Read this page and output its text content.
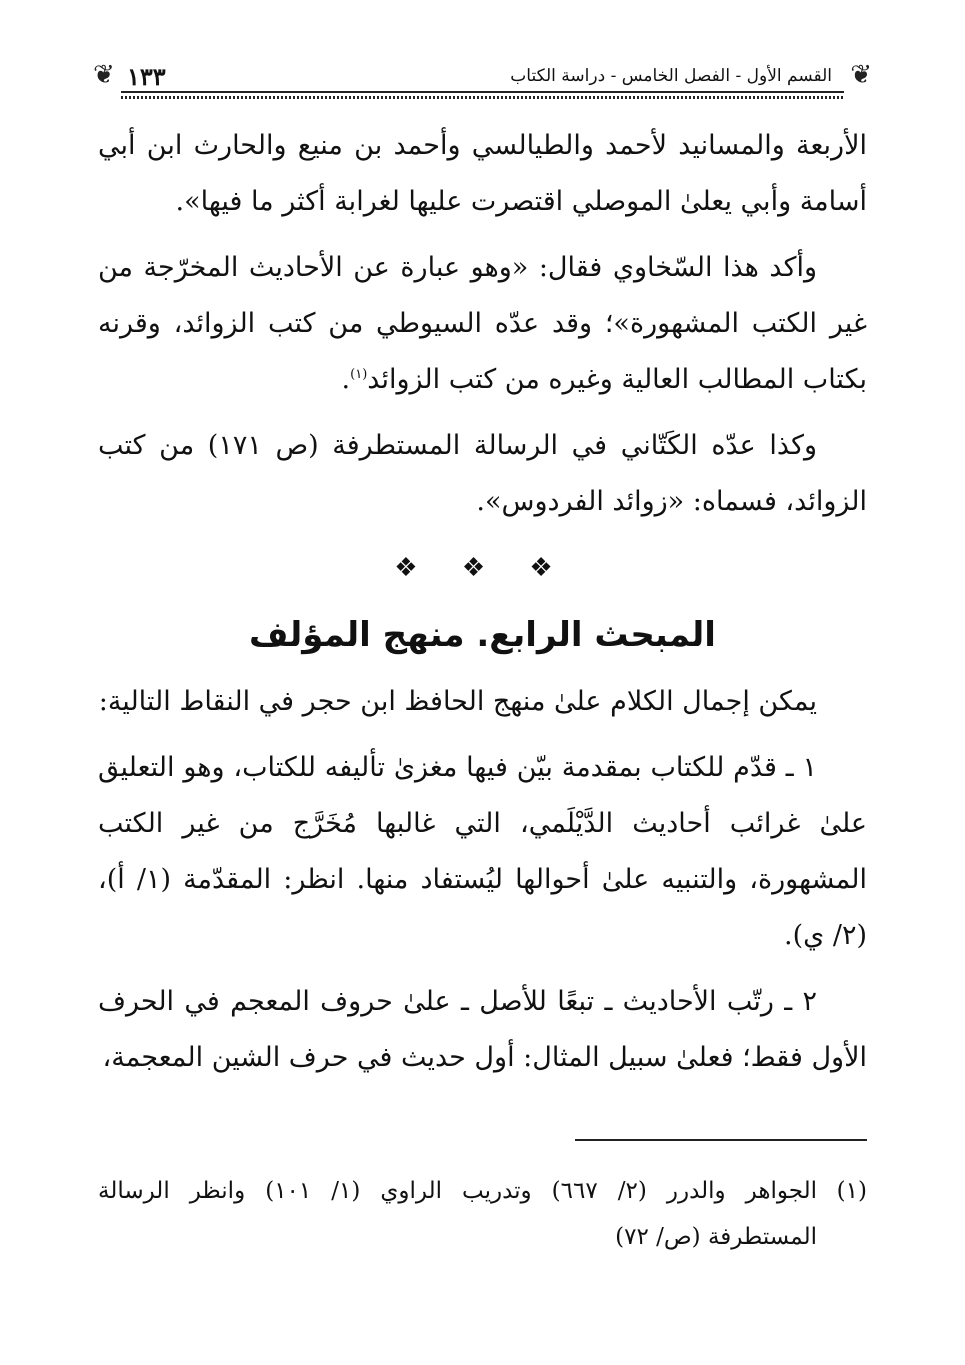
❦
القسم الأول - الفصل الخامس - دراسة الكتاب
١٣٣
❦

الأربعة والمسانيد لأحمد والطيالسي وأحمد بن منيع والحارث ابن أبي أسامة وأبي يعلىٰ الموصلي اقتصرت عليها لغرابة أكثر ما فيها».

وأكد هذا السّخاوي فقال: «وهو عبارة عن الأحاديث المخرّجة من غير الكتب المشهورة»؛ وقد عدّه السيوطي من كتب الزوائد، وقرنه بكتاب المطالب العالية وغيره من كتب الزوائد$^{(١)}$.

وكذا عدّه الكَتّاني في الرسالة المستطرفة (ص ١٧١) من كتب الزوائد، فسماه: «زوائد الفردوس».

❖ ❖ ❖
المبحث الرابع. منهج المؤلف

يمكن إجمال الكلام علىٰ منهج الحافظ ابن حجر في النقاط التالية:

١ ـ قدّم للكتاب بمقدمة بيّن فيها مغزىٰ تأليفه للكتاب، وهو التعليق علىٰ غرائب أحاديث الدَّيْلَمي، التي غالبها مُخَرَّج من غير الكتب المشهورة، والتنبيه علىٰ أحوالها ليُستفاد منها. انظر: المقدّمة (١/ أ)، (٢/ ي).

٢ ـ رتّب الأحاديث ـ تبعًا للأصل ـ علىٰ حروف المعجم في الحرف الأول فقط؛ فعلىٰ سبيل المثال: أول حديث في حرف الشين المعجمة،

(١)
الجواهر والدرر (٢/ ٦٦٧) وتدريب الراوي (١/ ١٠١) وانظر الرسالة المستطرفة (ص/ ٧٢)
